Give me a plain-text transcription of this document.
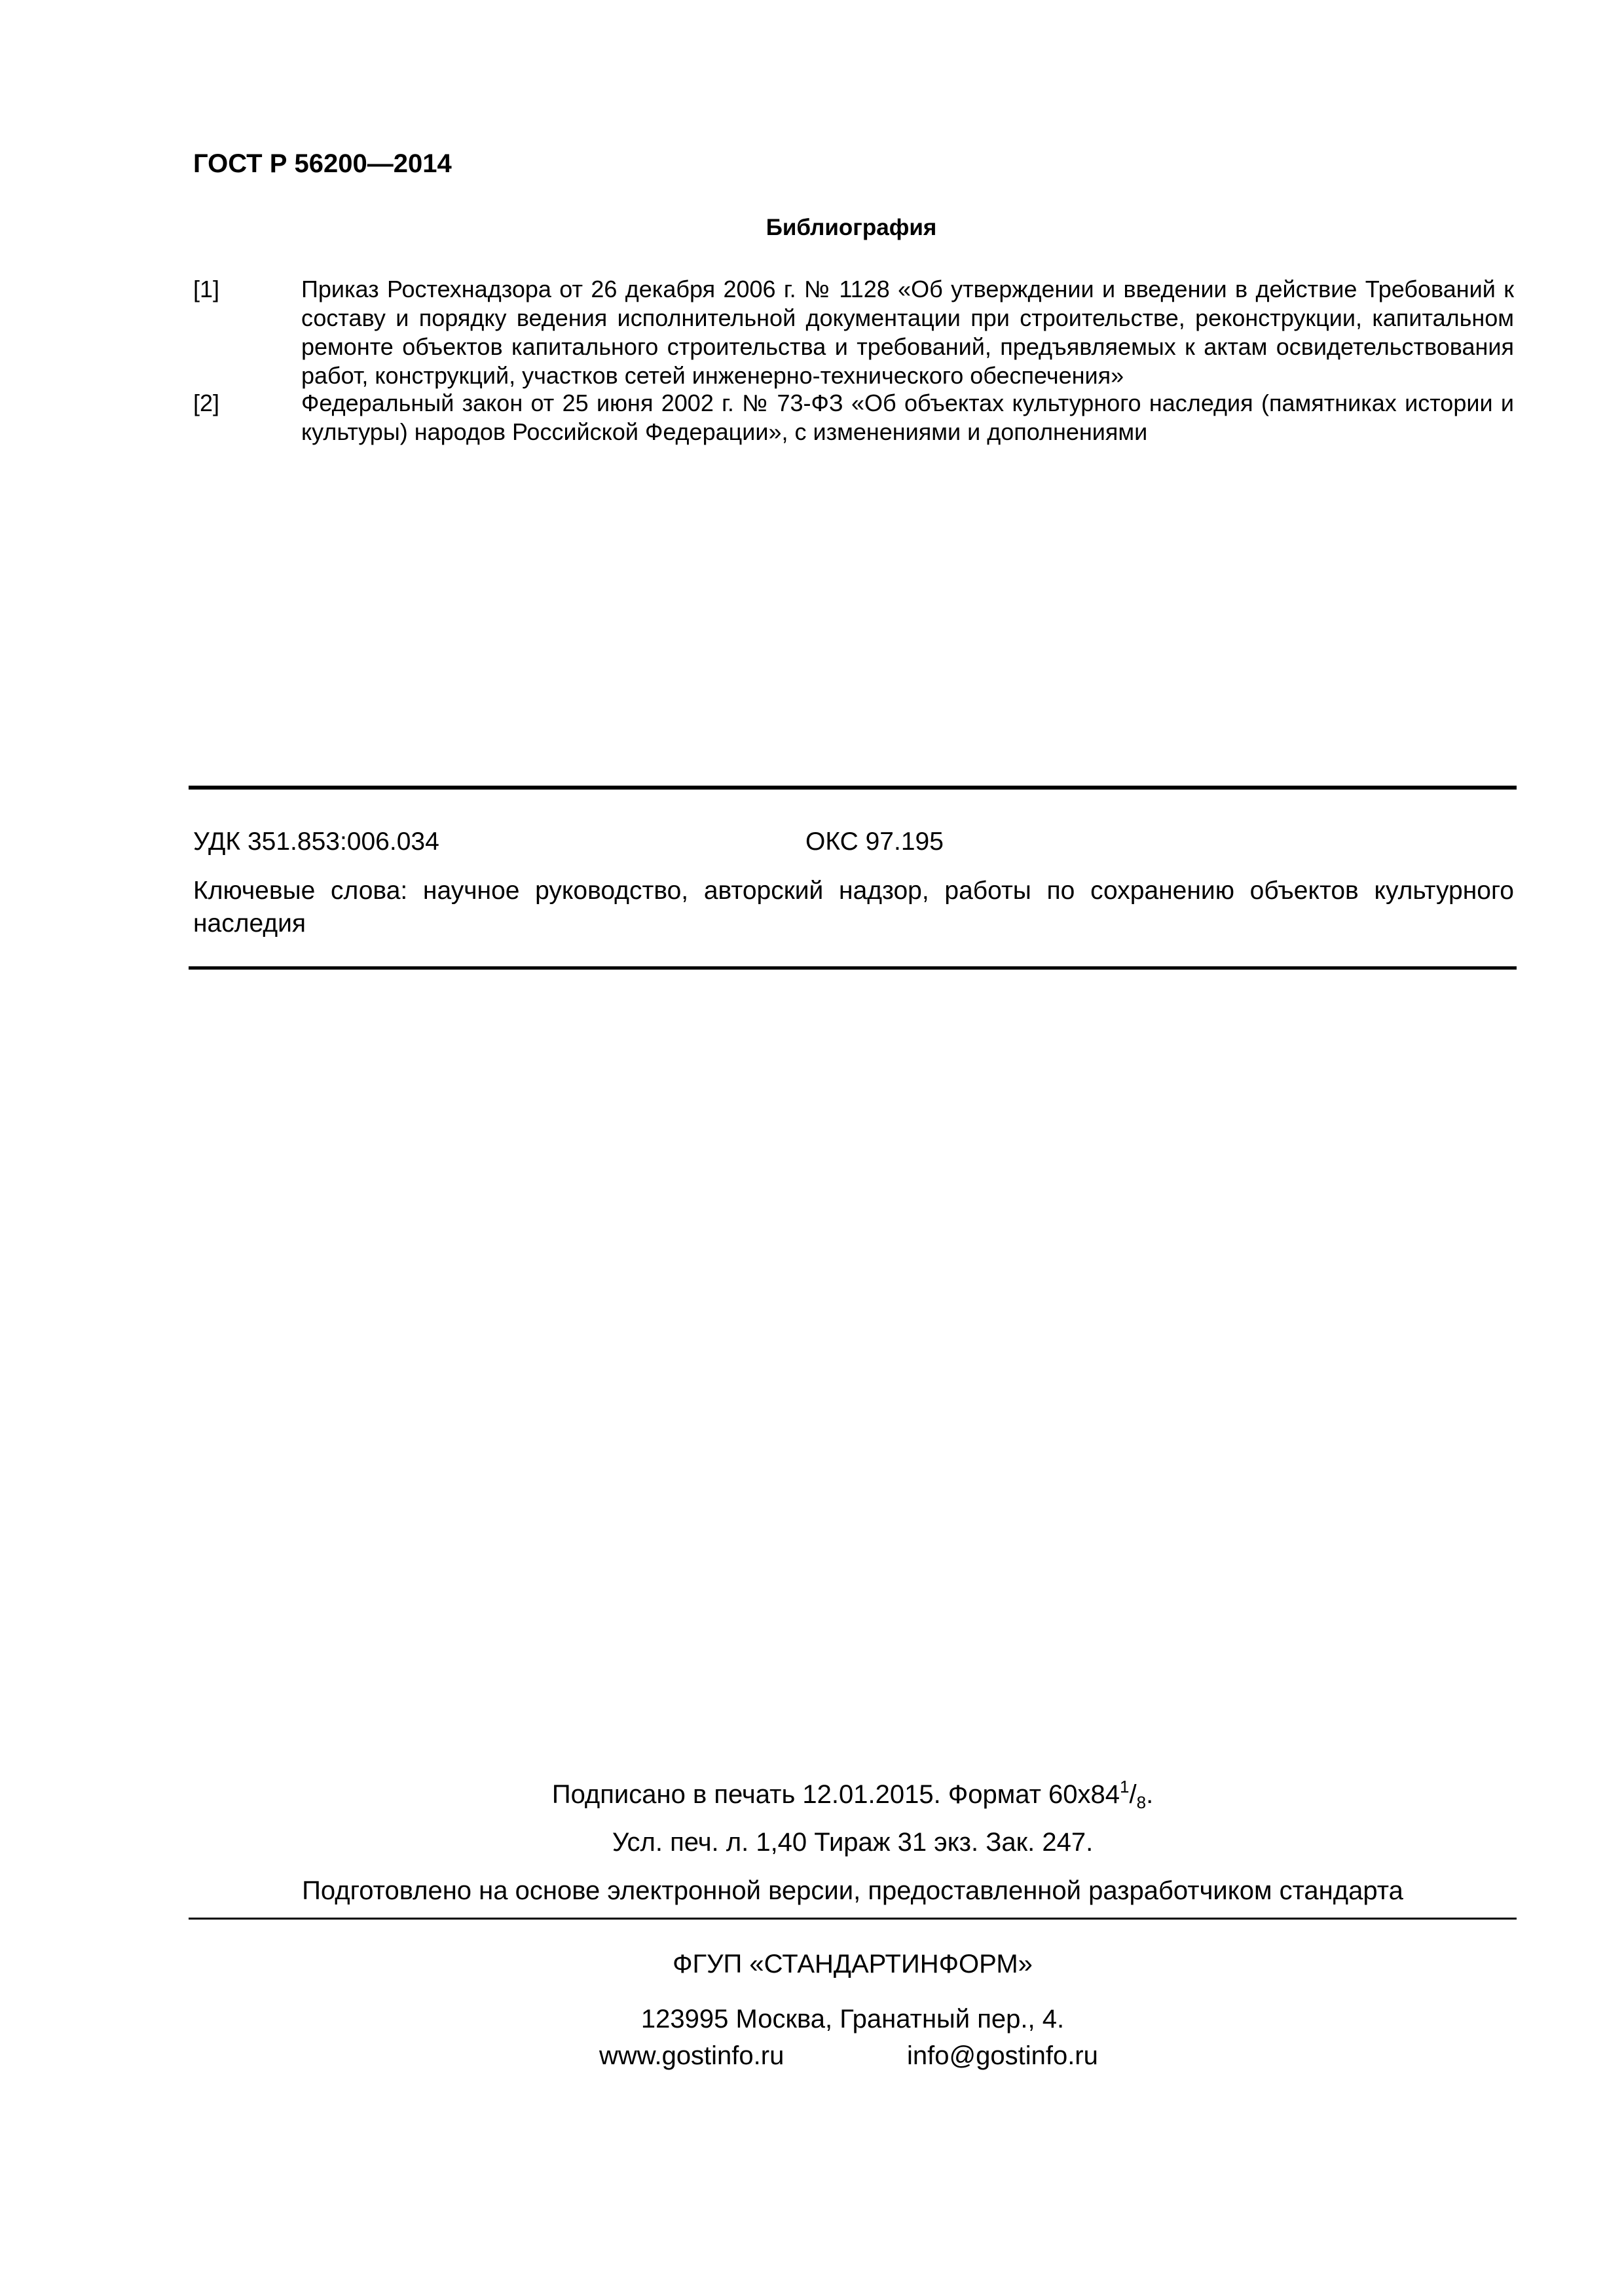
ГОСТ Р 56200—2014
Библиография
[1]	Приказ Ростехнадзора от 26 декабря 2006 г. № 1128 «Об утверждении и введении в действие Требований к составу и порядку ведения исполнительной документации при строительстве, реконструкции, капитальном ремонте объектов капитального строительства и требований, предъявляемых к актам освидетельствования работ, конструкций, участков сетей инженерно-технического обеспечения»
[2]	Федеральный закон от 25 июня 2002 г. № 73-ФЗ «Об объектах культурного наследия (памятниках истории и культуры) народов Российской Федерации», с изменениями и дополнениями
УДК 351.853:006.034	ОКС 97.195
Ключевые слова: научное руководство, авторский надзор, работы по сохранению объектов культурного наследия
Подписано в печать 12.01.2015. Формат $60х84^1/_8$.
Усл. печ. л. 1,40 Тираж 31 экз. Зак. 247.
Подготовлено на основе электронной версии, предоставленной разработчиком стандарта
ФГУП «СТАНДАРТИНФОРМ»
123995 Москва, Гранатный пер., 4.
www.gostinfo.ru	info@gostinfo.ru
